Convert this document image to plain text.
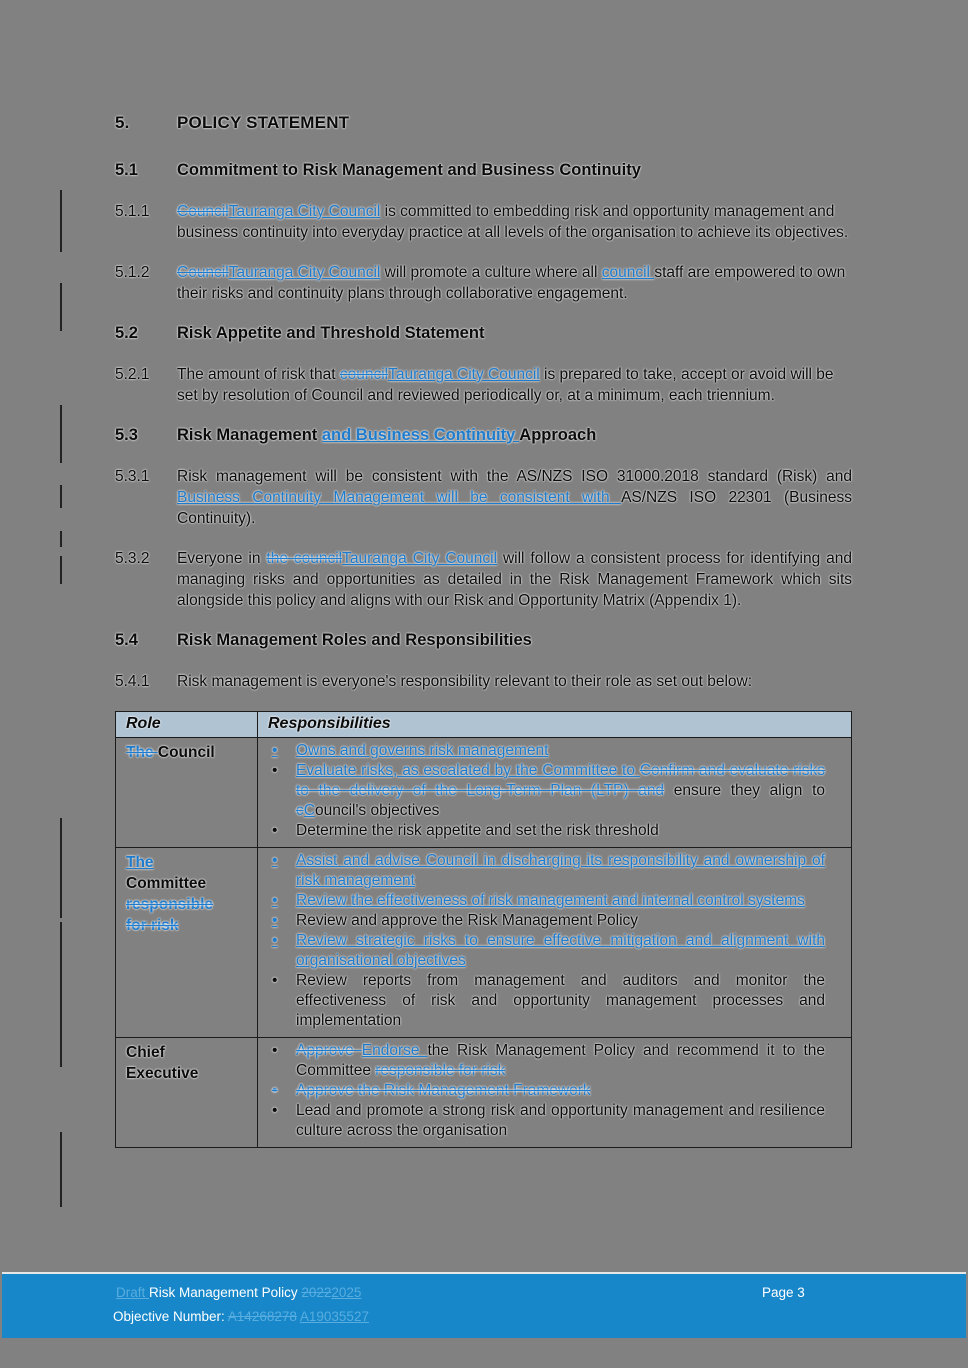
5.	POLICY STATEMENT
5.1 Commitment to Risk Management and Business Continuity
5.1.1 CouncilTauranga City Council is committed to embedding risk and opportunity management and business continuity into everyday practice at all levels of the organisation to achieve its objectives.
5.1.2 CouncilTauranga City Council will promote a culture where all council staff are empowered to own their risks and continuity plans through collaborative engagement.
5.2 Risk Appetite and Threshold Statement
5.2.1 The amount of risk that councilTauranga City Council is prepared to take, accept or avoid will be set by resolution of Council and reviewed periodically or, at a minimum, each triennium.
5.3 Risk Management and Business Continuity Approach
5.3.1 Risk management will be consistent with the AS/NZS ISO 31000.2018 standard (Risk) and Business Continuity Management will be consistent with AS/NZS ISO 22301 (Business Continuity).
5.3.2 Everyone in the councilTauranga City Council will follow a consistent process for identifying and managing risks and opportunities as detailed in the Risk Management Framework which sits alongside this policy and aligns with our Risk and Opportunity Matrix (Appendix 1).
5.4 Risk Management Roles and Responsibilities
5.4.1 Risk management is everyone's responsibility relevant to their role as set out below:
Role	Responsibilities
The Council	•	Owns and governs risk management
•	Evaluate risks, as escalated by the Committee to Confirm and evaluate risks to the delivery of the Long-Term Plan (LTP) and ensure they align to cCouncil's objectives
•	Determine the risk appetite and set the risk threshold

The Committee responsible for risk	
•	Assist and advise Council in discharging its responsibility and ownership of risk management
•	Review the effectiveness of risk management and internal control systems
•	Review and approve the Risk Management Policy
•	Review strategic risks to ensure effective mitigation and alignment with organisational objectives
•	Review reports from management and auditors and monitor the effectiveness of risk and opportunity management processes and implementation

Chief Executive	
•	Approve Endorse the Risk Management Policy and recommend it to the Committee responsible for risk
•	Approve the Risk Management Framework
•	Lead and promote a strong risk and opportunity management and resilience culture across the organisation
Draft Risk Management Policy 20222025	Page 3
Objective Number: A14268278 A19035527
